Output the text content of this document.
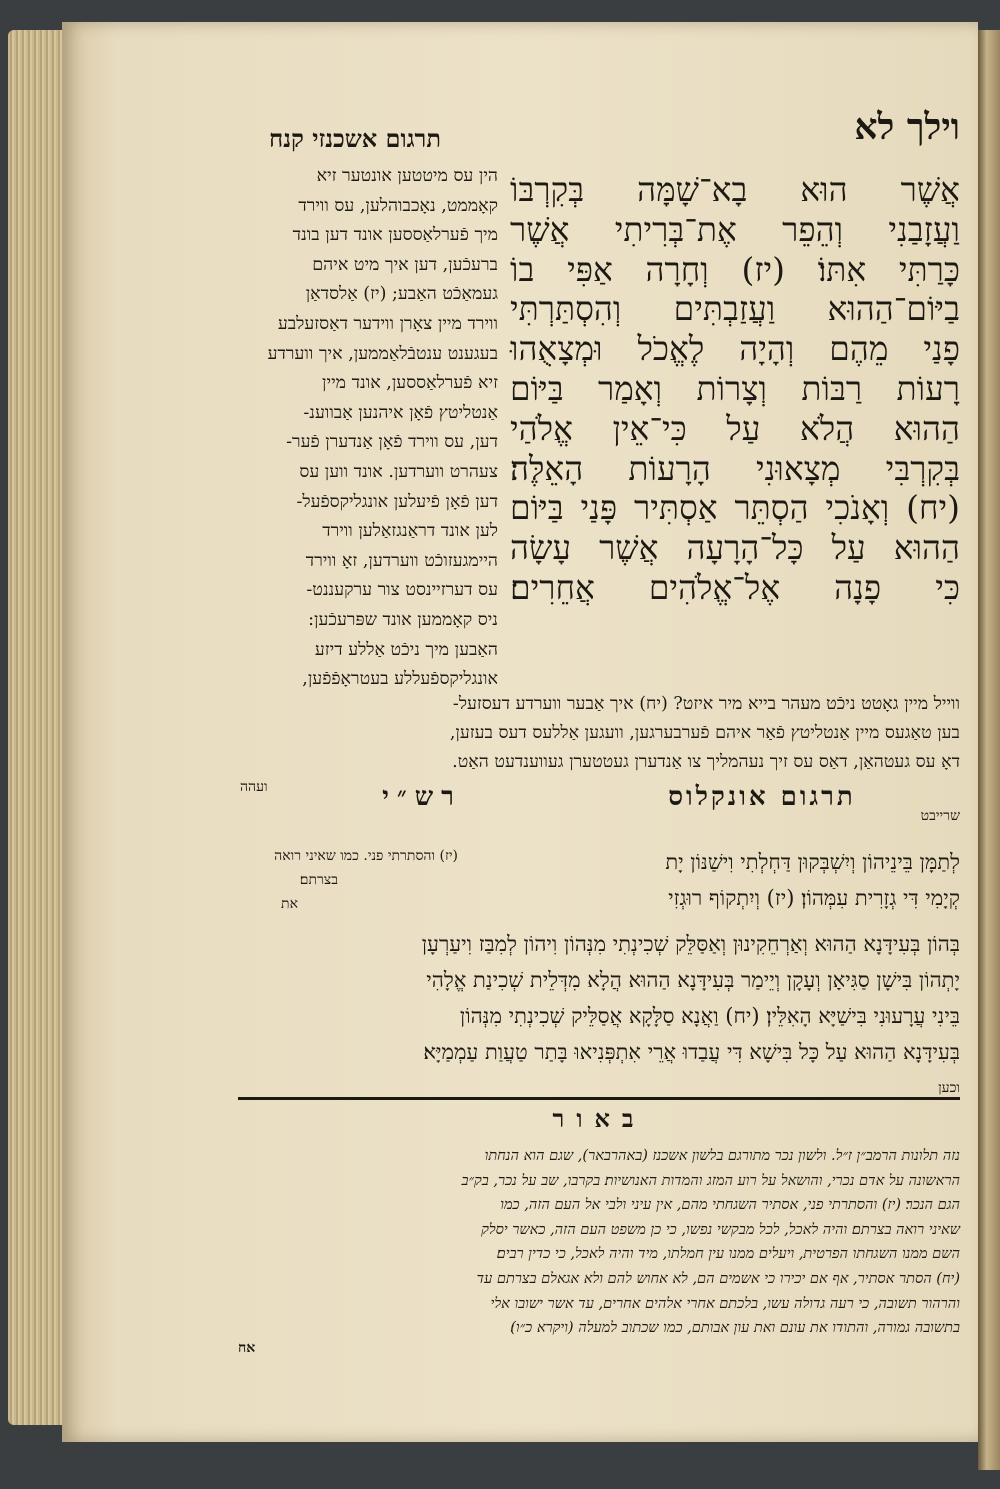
וילך לא
תרגום אשכנזי קנח

אֲשֶׁר הוּא בָא־שָׁמָּה בְּקִרְבּוֹ

וַעֲזָבַנִי וְהֵפֵר אֶת־בְּרִיתִי אֲשֶׁר

כָּרַתִּי אִתּוֹ׃ (יז) וְחָרָה אַפִּי בוֹ

בַיּוֹם־הַהוּא וַעֲזַבְתִּים וְהִסְתַּרְתִּי

פָנַי מֵהֶם וְהָיָה לֶאֱכֹל וּמְצָאֻהוּ

רָעוֹת רַבּוֹת וְצָרוֹת וְאָמַר בַּיּוֹם

הַהוּא הֲלֹא עַל כִּי־אֵין אֱלֹהַי

בְּקִרְבִּי מְצָאוּנִי הָרָעוֹת הָאֵלֶּה׃

(יח) וְאָנֹכִי הַסְתֵּר אַסְתִּיר פָּנַי בַּיּוֹם

הַהוּא עַל כָּל־הָרָעָה אֲשֶׁר עָשָׂה

כִּי פָנָה אֶל־אֱלֹהִים אֲחֵרִים׃

הין עס מיטטען אונטער זיא

קאָממט, נאָכבוהלען, עס ווירד

מיך פֿערלאַססען אונד דען בונד

ברעכֿען, דען איך מיט איהם

געמאַכֿט האַבע; (יז) אַלסדאַן

ווירד מיין צאָרן ווידער דאַסזעלבע

בעגענט ענטבֿלאַממען, איך ווערדע

זיא פֿערלאַססען, אונד מיין

אַנטליטץ פֿאָן איהנען אַבווענ-

דען, עס ווירד פֿאָן אַנדערן פֿער-

צעהרט ווערדען. אונד ווען עס

דען פֿאָן פֿיעלען אונגליקספֿעל-

לען אונד דראַנגזאַלען ווירד

היימגעזוכֿט ווערדען, זאָ ווירד

עס דערזיינסט צור ערקעננט-

ניס קאָממען אונד שפּרעכֿען:

האַבען מיך ניכֿט אַללע דיזע

אונגליקספֿעללע בעטראָפֿפֿען,

ווייל מיין גאָטט ניכֿט מעהר בייא מיר איזט? (יח) איך אַבער ווערדע דעסזעל-

בען טאַגעס מיין אַנטליטץ פֿאַר איהם פֿערבערגען, וועגען אַללעס דעס בעזען,

דאָ עס געטהאַן, דאַס עס זיך נעהמליך צו אַנדערן געטטערן געווענדעט האַט.

ועהה

שרייבט

תרגום אונקלוס
רש״י

(יז) והסתרתי פני. כמו שאיני רואה

בצרתם׃

את

לְתַמָּן בֵּינֵיהוֹן וְיִשְׁבְּקוּן דַּחְלְתִי וִישַׁנּוֹן יָת

קְיָמִי דִּי גְזָרִית עִמְּהוֹן׃ (יז) וְיִתְקוֹף רוּגְזִי

בְּהוֹן בְּעִידָּנָא הַהוּא וְאַרְחֵקִינוּן וְאַסַּלֵּק שְׁכִינְתִי מִנְּהוֹן וִיהוֹן לְמִבַּז וִיעַרְעָן

יָתְהוֹן בִּישָׁן סַגִּיאָן וְעָקָן וְיֵימַר בְּעִידָּנָא הַהוּא הֲלָא מִדְּלֵית שְׁכִינַת אֱלָהִי

בֵּינִי עֲרָעוּנִי בִּישַׁיָּא הָאִלֵּין׃ (יח) וַאֲנָא סַלָּקָא אֲסַלֵּיק שְׁכִינְתִי מִנְּהוֹן

בְּעִידָּנָא הַהוּא עַל כָּל בִּישָׁא דִּי עֲבַדוּ אֲרֵי אִתְפְּנִיאוּ בָּתַר טַעֲוַת עַמְמַיָּא׃

וכען

באור

נזה תלונות הרמב״ן ז״ל. ולשון נכר מתורגם בלשון אשכנז (באהרבאר), שגם הוא הנחתו

הראשונה על אדם נכרי, והושאל על רוע המזג והמדות האנושיות׃ בקרבו, שב על נכר, בק״ב

הגם הנכר׃ (יז) והסתרתי פני, אסתיר השגחתי מהם, אין עיני ולבי אל העם הזה, כמו

שאיני רואה בצרתם׃ והיה לאכל, לכל מבקשי נפשו, כי כן משפט העם הזה, כאשר יסלק

השם ממנו השגחתו הפרטית, ויעלים ממנו עין חמלתו, מיד והיה לאכל, כי כדין רבים׃

(יח) הסתר אסתיר, אף אם יכירו כי אשמים הם, לא אחוש להם ולא אגאלם בצרתם עד

והרהור תשובה, כי רעה גדולה עשו, בלכתם אחרי אלהים אחרים, עד אשר ישובו אלי

בתשובה גמורה, והתודו את עונם ואת עון אבותם, כמו שכתוב למעלה (ויקרא כ״ו)׃

אח
